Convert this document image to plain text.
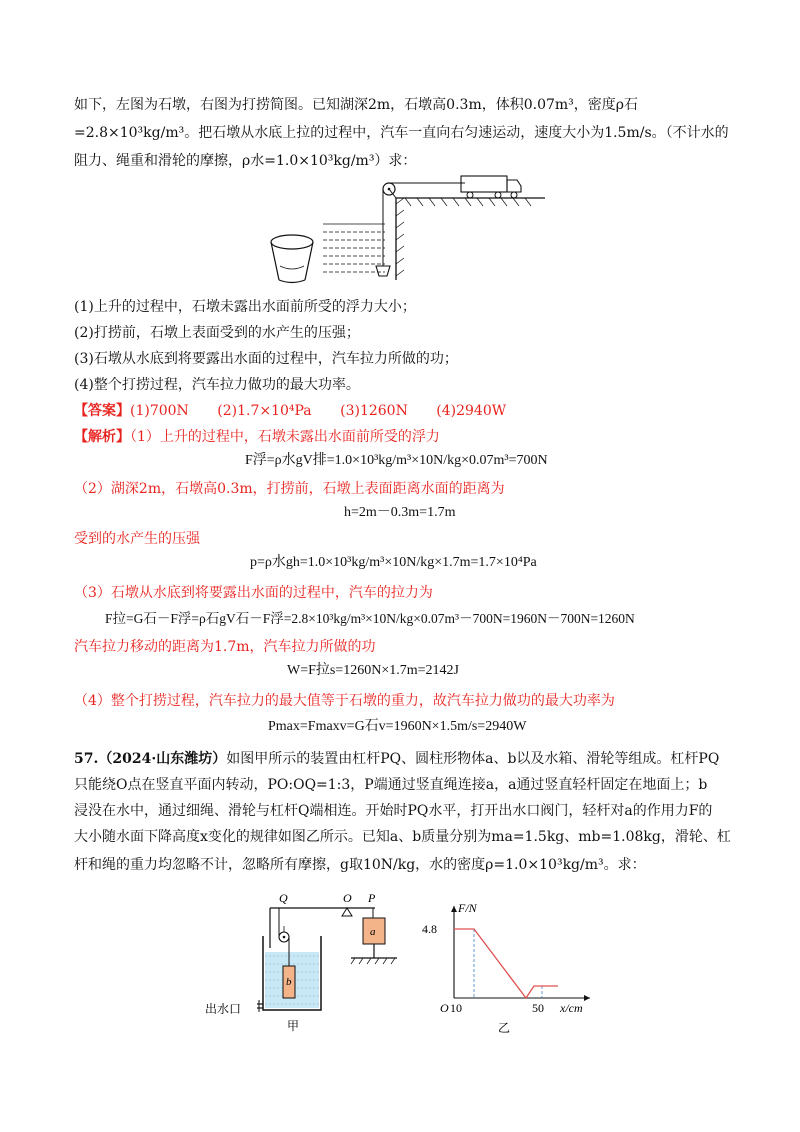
如下，左图为石墩，右图为打捞简图。已知湖深2m，石墩高0.3m，体积0.07m³，密度ρ石
=2.8×10³kg/m³。把石墩从水底上拉的过程中，汽车一直向右匀速运动，速度大小为1.5m/s。（不计水的
阻力、绳重和滑轮的摩擦，ρ水=1.0×10³kg/m³）求：
(1)上升的过程中，石墩未露出水面前所受的浮力大小；
(2)打捞前，石墩上表面受到的水产生的压强；
(3)石墩从水底到将要露出水面的过程中，汽车拉力所做的功；
(4)整个打捞过程，汽车拉力做功的最大功率。
【答案】(1)700N (2)1.7×10⁴Pa (3)1260N (4)2940W
【解析】（1）上升的过程中，石墩未露出水面前所受的浮力
F浮=ρ水gV排=1.0×10³kg/m³×10N/kg×0.07m³=700N
（2）湖深2m，石墩高0.3m，打捞前，石墩上表面距离水面的距离为
h=2m－0.3m=1.7m
受到的水产生的压强
p=ρ水gh=1.0×10³kg/m³×10N/kg×1.7m=1.7×10⁴Pa
（3）石墩从水底到将要露出水面的过程中，汽车的拉力为
F拉=G石－F浮=ρ石gV石－F浮=2.8×10³kg/m³×10N/kg×0.07m³－700N=1960N－700N=1260N
汽车拉力移动的距离为1.7m，汽车拉力所做的功
W=F拉s=1260N×1.7m=2142J
（4）整个打捞过程，汽车拉力的最大值等于石墩的重力，故汽车拉力做功的最大功率为
Pmax=Fmaxv=G石v=1960N×1.5m/s=2940W
57.（2024·山东潍坊）如图甲所示的装置由杠杆PQ、圆柱形物体a、b以及水箱、滑轮等组成。杠杆PQ
只能绕O点在竖直平面内转动，PO:OQ=1:3，P端通过竖直绳连接a，a通过竖直轻杆固定在地面上；b
浸没在水中，通过细绳、滑轮与杠杆Q端相连。开始时PQ水平，打开出水口阀门，轻杆对a的作用力F的
大小随水面下降高度x变化的规律如图乙所示。已知a、b质量分别为ma=1.5kg、mb=1.08kg，滑轮、杠
杆和绳的重力均忽略不计，忽略所有摩擦，g取10N/kg，水的密度ρ=1.0×10³kg/m³。求：
出水口
b
Q	O P
a
甲
F/N
4.8
O 10	50 x/cm
乙
